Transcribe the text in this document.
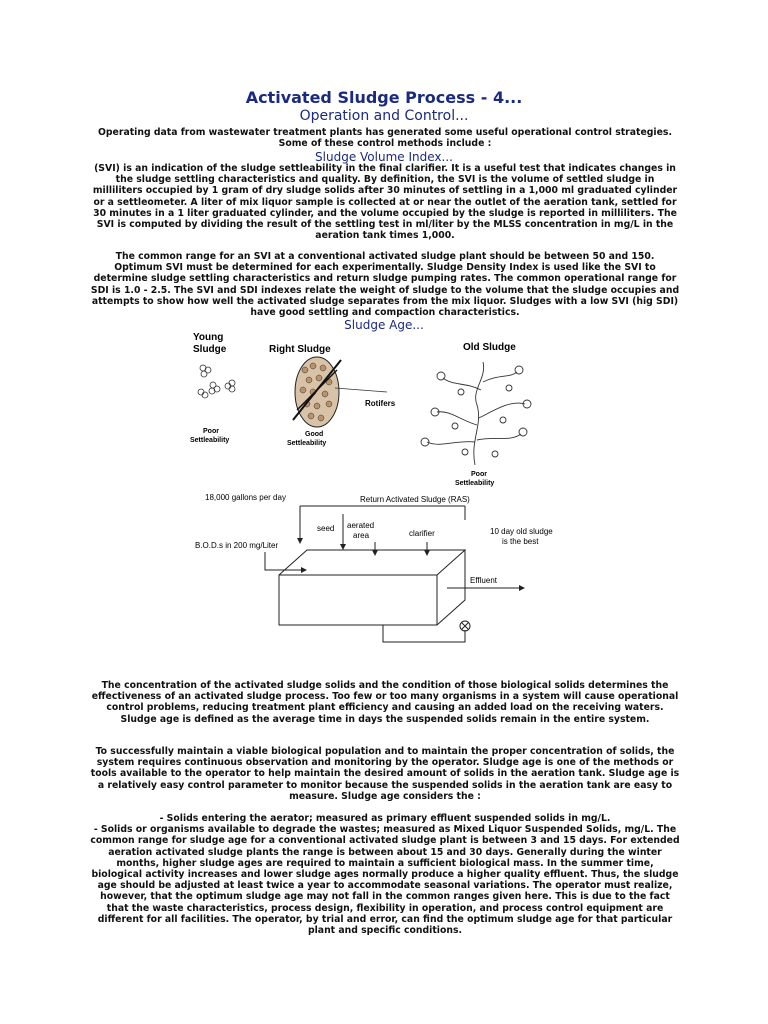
Activated Sludge Process - 4...
Operation and Control...

Operating data from wastewater treatment plants has generated some useful operational control strategies. Some of these control methods include :

Sludge Volume Index...

(SVI) is an indication of the sludge settleability in the final clarifier. It is a useful test that indicates changes in the sludge settling characteristics and quality. By definition, the SVI is the volume of settled sludge in milliliters occupied by 1 gram of dry sludge solids after 30 minutes of settling in a 1,000 ml graduated cylinder or a settleometer. A liter of mix liquor sample is collected at or near the outlet of the aeration tank, settled for 30 minutes in a 1 liter graduated cylinder, and the volume occupied by the sludge is reported in milliliters. The SVI is computed by dividing the result of the settling test in ml/liter by the MLSS concentration in mg/L in the aeration tank times 1,000.

The common range for an SVI at a conventional activated sludge plant should be between 50 and 150. Optimum SVI must be determined for each experimentally. Sludge Density Index is used like the SVI to determine sludge settling characteristics and return sludge pumping rates. The common operational range for SDI is 1.0 - 2.5. The SVI and SDI indexes relate the weight of sludge to the volume that the sludge occupies and attempts to show how well the activated sludge separates from the mix liquor. Sludges with a low SVI (hig SDI) have good settling and compaction characteristics.

Sludge Age...
Young
Sludge
Poor
Settleability
Right Sludge
Rotifers
Good
Settleability
Old Sludge
Poor
Settleability
18,000 gallons per day	Return Activated Sludge (RAS)
seed aerated
area	clarifier
B.O.D.s in 200 mg/Liter
10 day old sludge
is the best
Effluent

The concentration of the activated sludge solids and the condition of those biological solids determines the effectiveness of an activated sludge process. Too few or too many organisms in a system will cause operational control problems, reducing treatment plant efficiency and causing an added load on the receiving waters. Sludge age is defined as the average time in days the suspended solids remain in the entire system.

To successfully maintain a viable biological population and to maintain the proper concentration of solids, the system requires continuous observation and monitoring by the operator. Sludge age is one of the methods or tools available to the operator to help maintain the desired amount of solids in the aeration tank. Sludge age is a relatively easy control parameter to monitor because the suspended solids in the aeration tank are easy to measure. Sludge age considers the :

- Solids entering the aerator; measured as primary effluent suspended solids in mg/L.

- Solids or organisms available to degrade the wastes; measured as Mixed Liquor Suspended Solids, mg/L. The common range for sludge age for a conventional activated sludge plant is between 3 and 15 days. For extended aeration activated sludge plants the range is between about 15 and 30 days. Generally during the winter months, higher sludge ages are required to maintain a sufficient biological mass. In the summer time, biological activity increases and lower sludge ages normally produce a higher quality effluent. Thus, the sludge age should be adjusted at least twice a year to accommodate seasonal variations. The operator must realize, however, that the optimum sludge age may not fall in the common ranges given here. This is due to the fact that the waste characteristics, process design, flexibility in operation, and process control equipment are different for all facilities. The operator, by trial and error, can find the optimum sludge age for that particular plant and specific conditions.
